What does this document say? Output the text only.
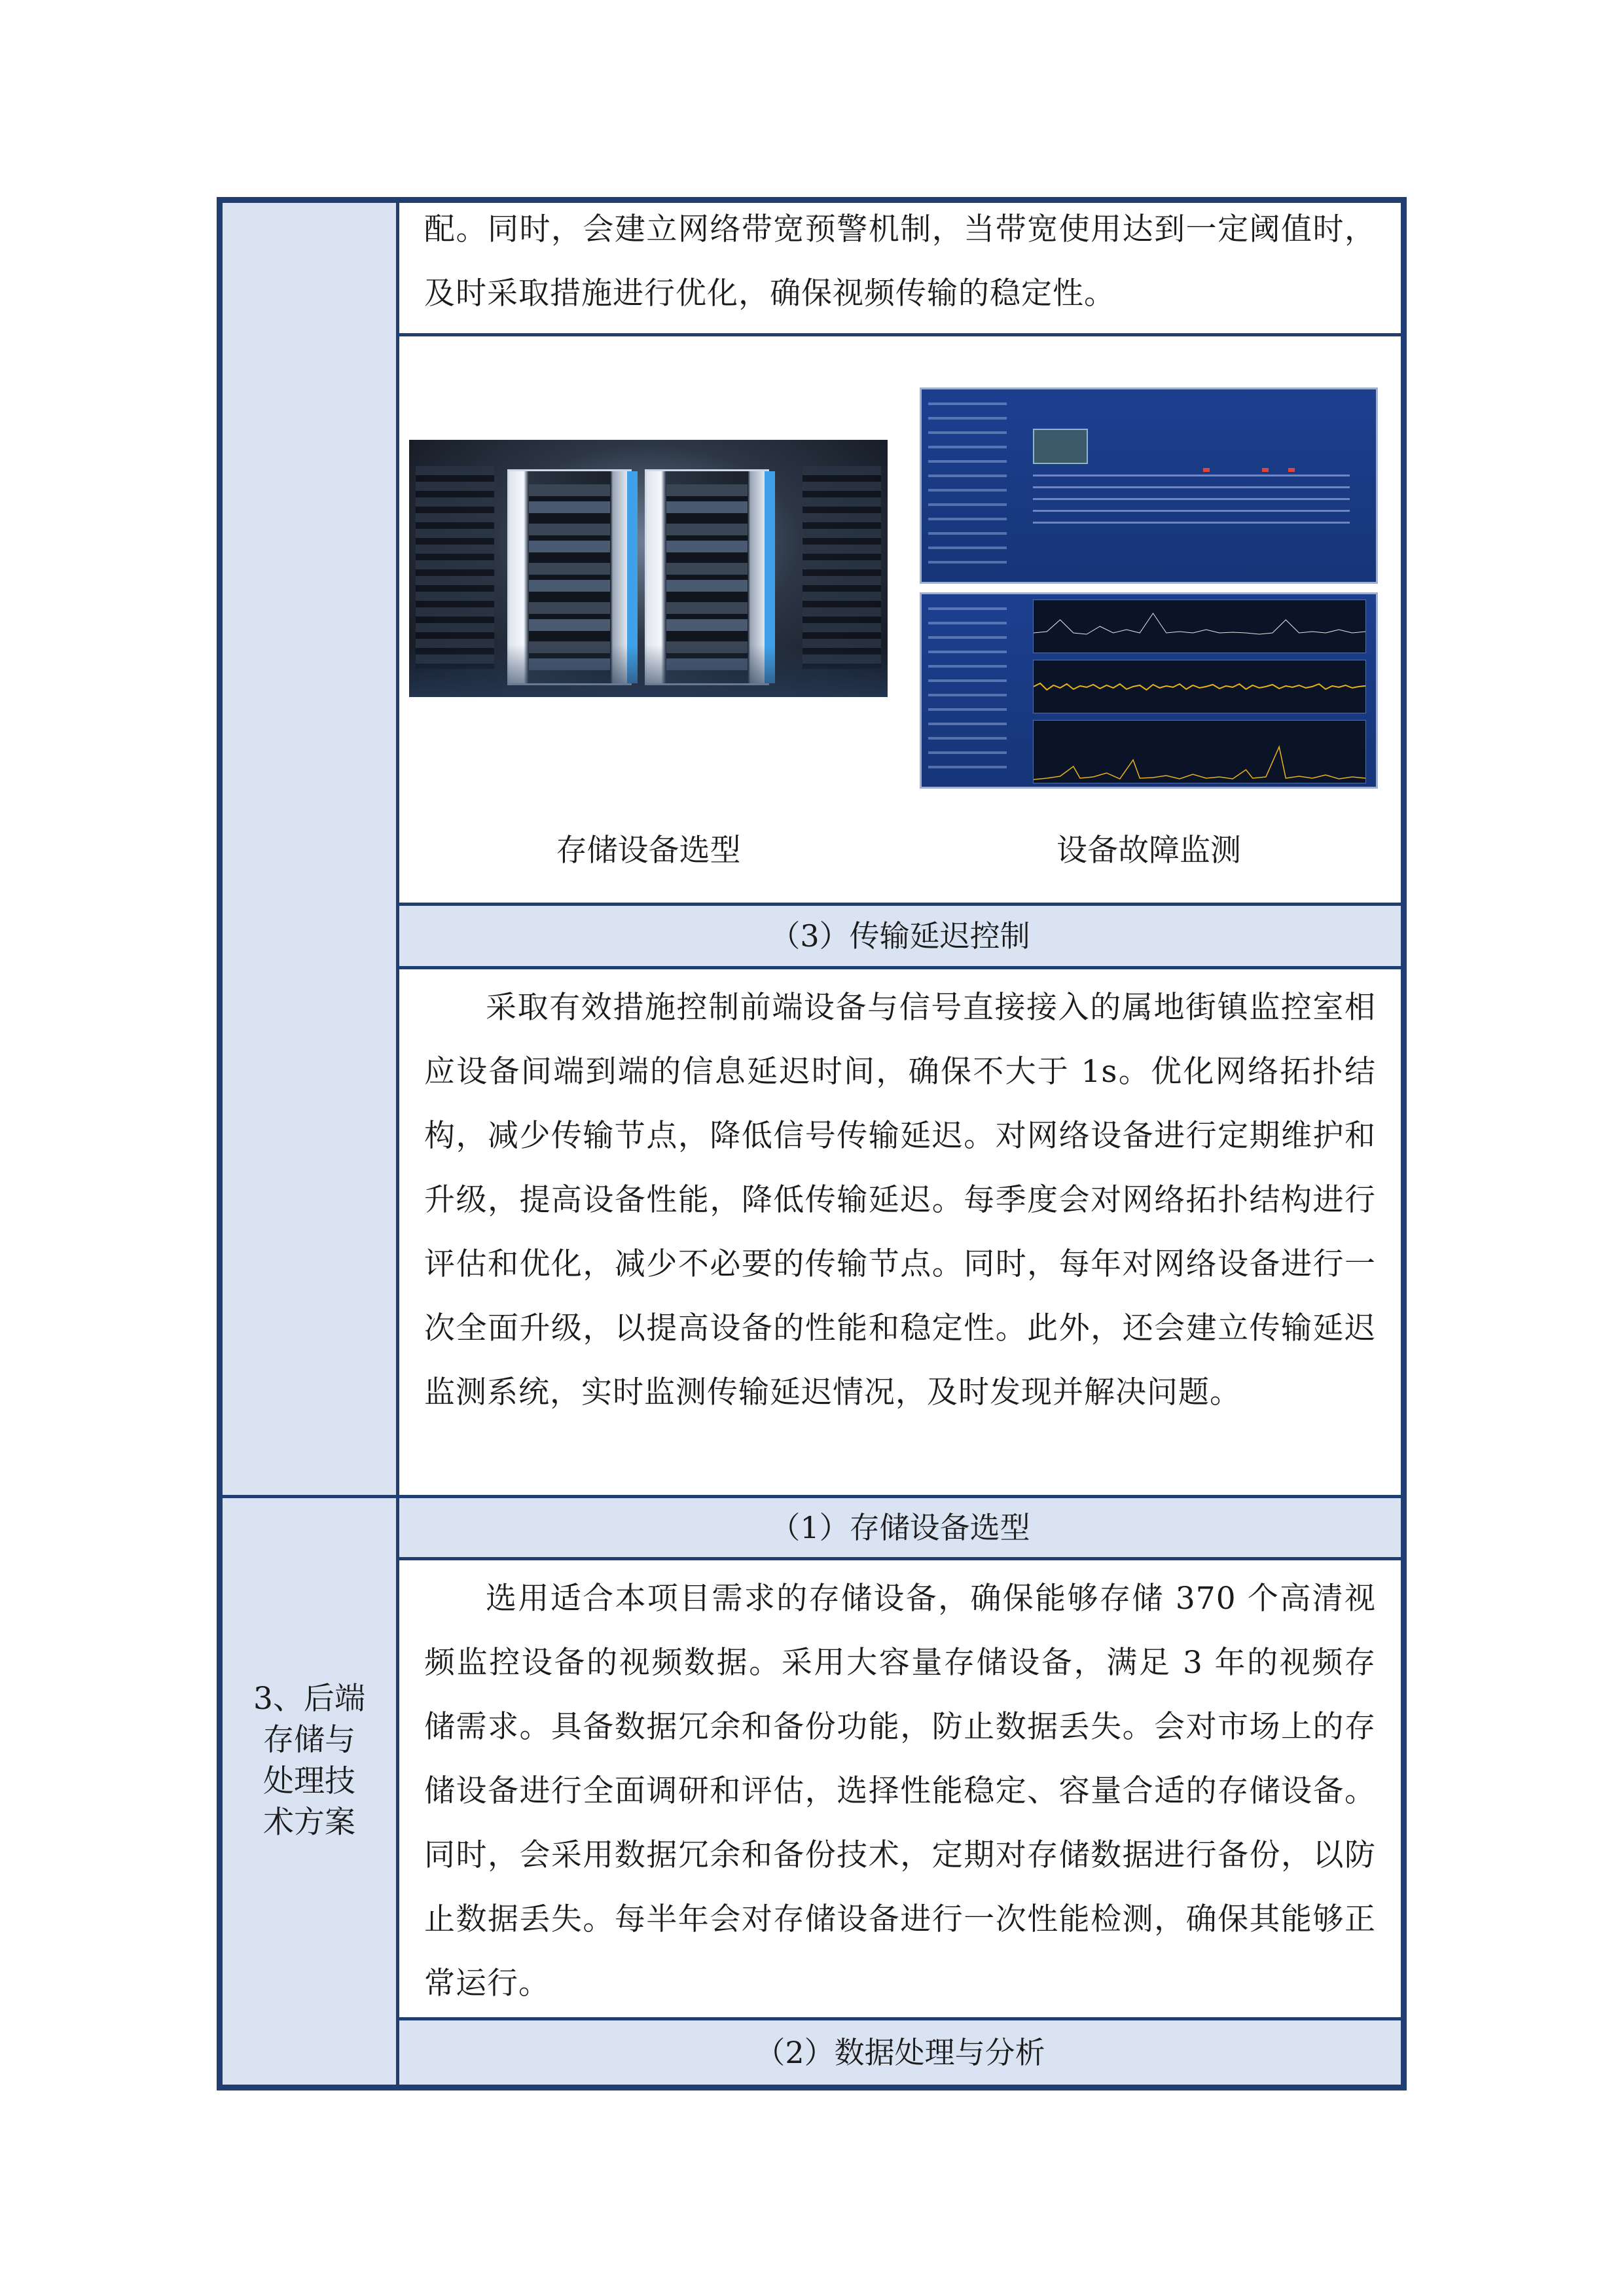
3、后端
存储与
处理技
术方案

配。同时，会建立网络带宽预警机制，当带宽使用达到一定阈值时，及时采取措施进行优化，确保视频传输的稳定性。

（3）传输延迟控制

采取有效措施控制前端设备与信号直接接入的属地街镇监控室相应设备间端到端的信息延迟时间，确保不大于 1s。优化网络拓扑结构，减少传输节点，降低信号传输延迟。对网络设备进行定期维护和升级，提高设备性能，降低传输延迟。每季度会对网络拓扑结构进行评估和优化，减少不必要的传输节点。同时，每年对网络设备进行一次全面升级，以提高设备的性能和稳定性。此外，还会建立传输延迟监测系统，实时监测传输延迟情况，及时发现并解决问题。

（1）存储设备选型

选用适合本项目需求的存储设备，确保能够存储 370 个高清视频监控设备的视频数据。采用大容量存储设备，满足 3 年的视频存储需求。具备数据冗余和备份功能，防止数据丢失。会对市场上的存储设备进行全面调研和评估，选择性能稳定、容量合适的存储设备。同时，会采用数据冗余和备份技术，定期对存储数据进行备份，以防止数据丢失。每半年会对存储设备进行一次性能检测，确保其能够正常运行。

（2）数据处理与分析
存储设备选型	设备故障监测
